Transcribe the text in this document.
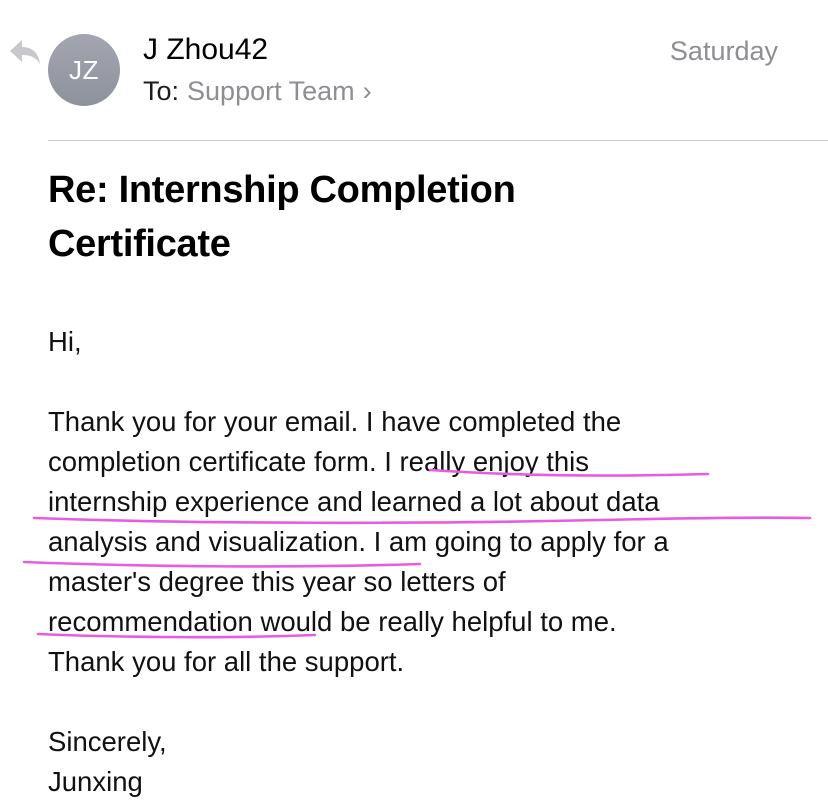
JZ
J Zhou42	Saturday
To: Support Team ›
Re: Internship Completion
Certificate

Hi,

Thank you for your email. I have completed the

completion certificate form. I really enjoy this

internship experience and learned a lot about data

analysis and visualization. I am going to apply for a

master's degree this year so letters of

recommendation would be really helpful to me.

Thank you for all the support.

Sincerely,

Junxing
